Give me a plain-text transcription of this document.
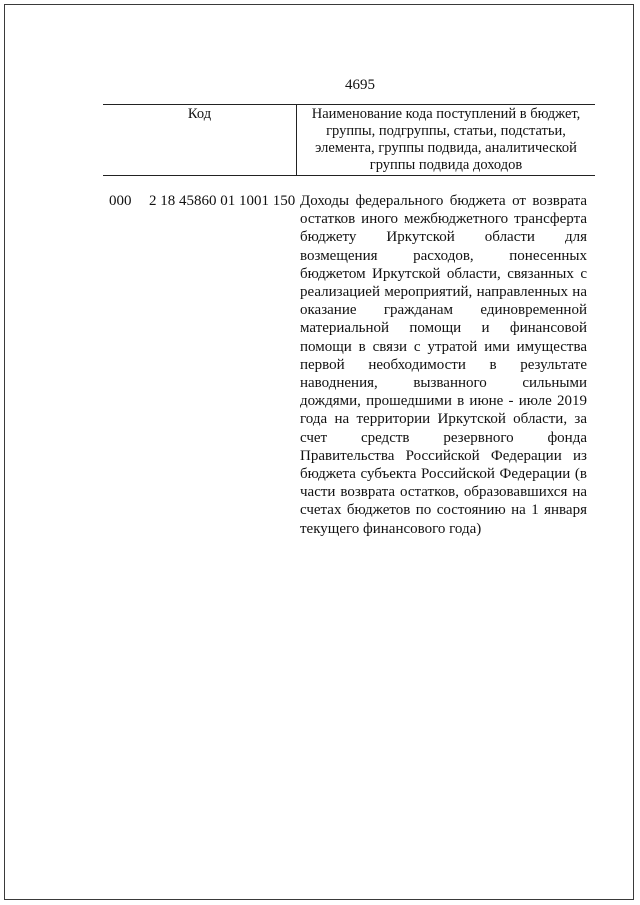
4695
Код	Наименование кода поступлений в бюджет, группы, подгруппы, статьи, подстатьи, элемента, группы подвида, аналитической группы подвида доходов
000 2 18 45860 01 1001 150 Доходы федерального бюджета от возврата остатков иного межбюджетного трансферта бюджету Иркутской области для возмещения расходов, понесенных бюджетом Иркутской области, связанных с реализацией мероприятий, направленных на оказание гражданам единовременной материальной помощи и финансовой помощи в связи с утратой ими имущества первой необходимости в результате наводнения, вызванного сильными дождями, прошедшими в июне - июле 2019 года на территории Иркутской области, за счет средств резервного фонда Правительства Российской Федерации из бюджета субъекта Российской Федерации (в части возврата остатков, образовавшихся на счетах бюджетов по состоянию на 1 января текущего финансового года)
